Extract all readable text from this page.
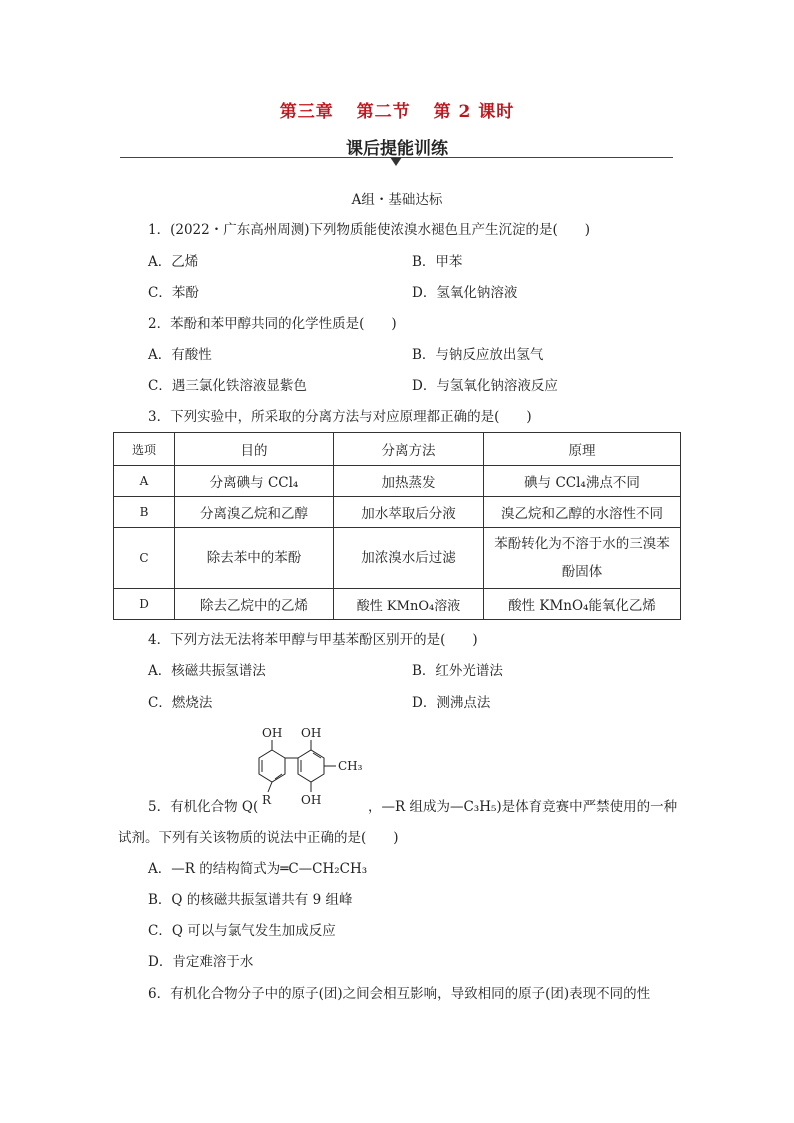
第三章 第二节 第 2 课时
课后提能训练
A组・基础达标
1．(2022・广东高州周测)下列物质能使浓溴水褪色且产生沉淀的是(　　)
A．乙烯	B．甲苯
C．苯酚	D．氢氧化钠溶液
2．苯酚和苯甲醇共同的化学性质是(　　)
A．有酸性	B．与钠反应放出氢气
C．遇三氯化铁溶液显紫色	D．与氢氧化钠溶液反应
3．下列实验中，所采取的分离方法与对应原理都正确的是(　　)
选项	目的	分离方法	原理
A	分离碘与 CCl₄	加热蒸发	碘与 CCl₄沸点不同
B	分离溴乙烷和乙醇	加水萃取后分液	溴乙烷和乙醇的水溶性不同
C	除去苯中的苯酚	加浓溴水后过滤	苯酚转化为不溶于水的三溴苯酚固体
D	除去乙烷中的乙烯	酸性 KMnO₄溶液	酸性 KMnO₄能氧化乙烯
4．下列方法无法将苯甲醇与甲基苯酚区别开的是(　　)
A．核磁共振氢谱法	B．红外光谱法
C．燃烧法	D．测沸点法
OH OH
OH
CH₃
R
5．有机化合物 Q(	，—R 组成为—C₃H₅)是体育竞赛中严禁使用的一种
试剂。下列有关该物质的说法中正确的是(　　)
A．—R 的结构简式为═C—CH₂CH₃
B．Q 的核磁共振氢谱共有 9 组峰
C．Q 可以与氯气发生加成反应
D．肯定难溶于水
6．有机化合物分子中的原子(团)之间会相互影响，导致相同的原子(团)表现不同的性
